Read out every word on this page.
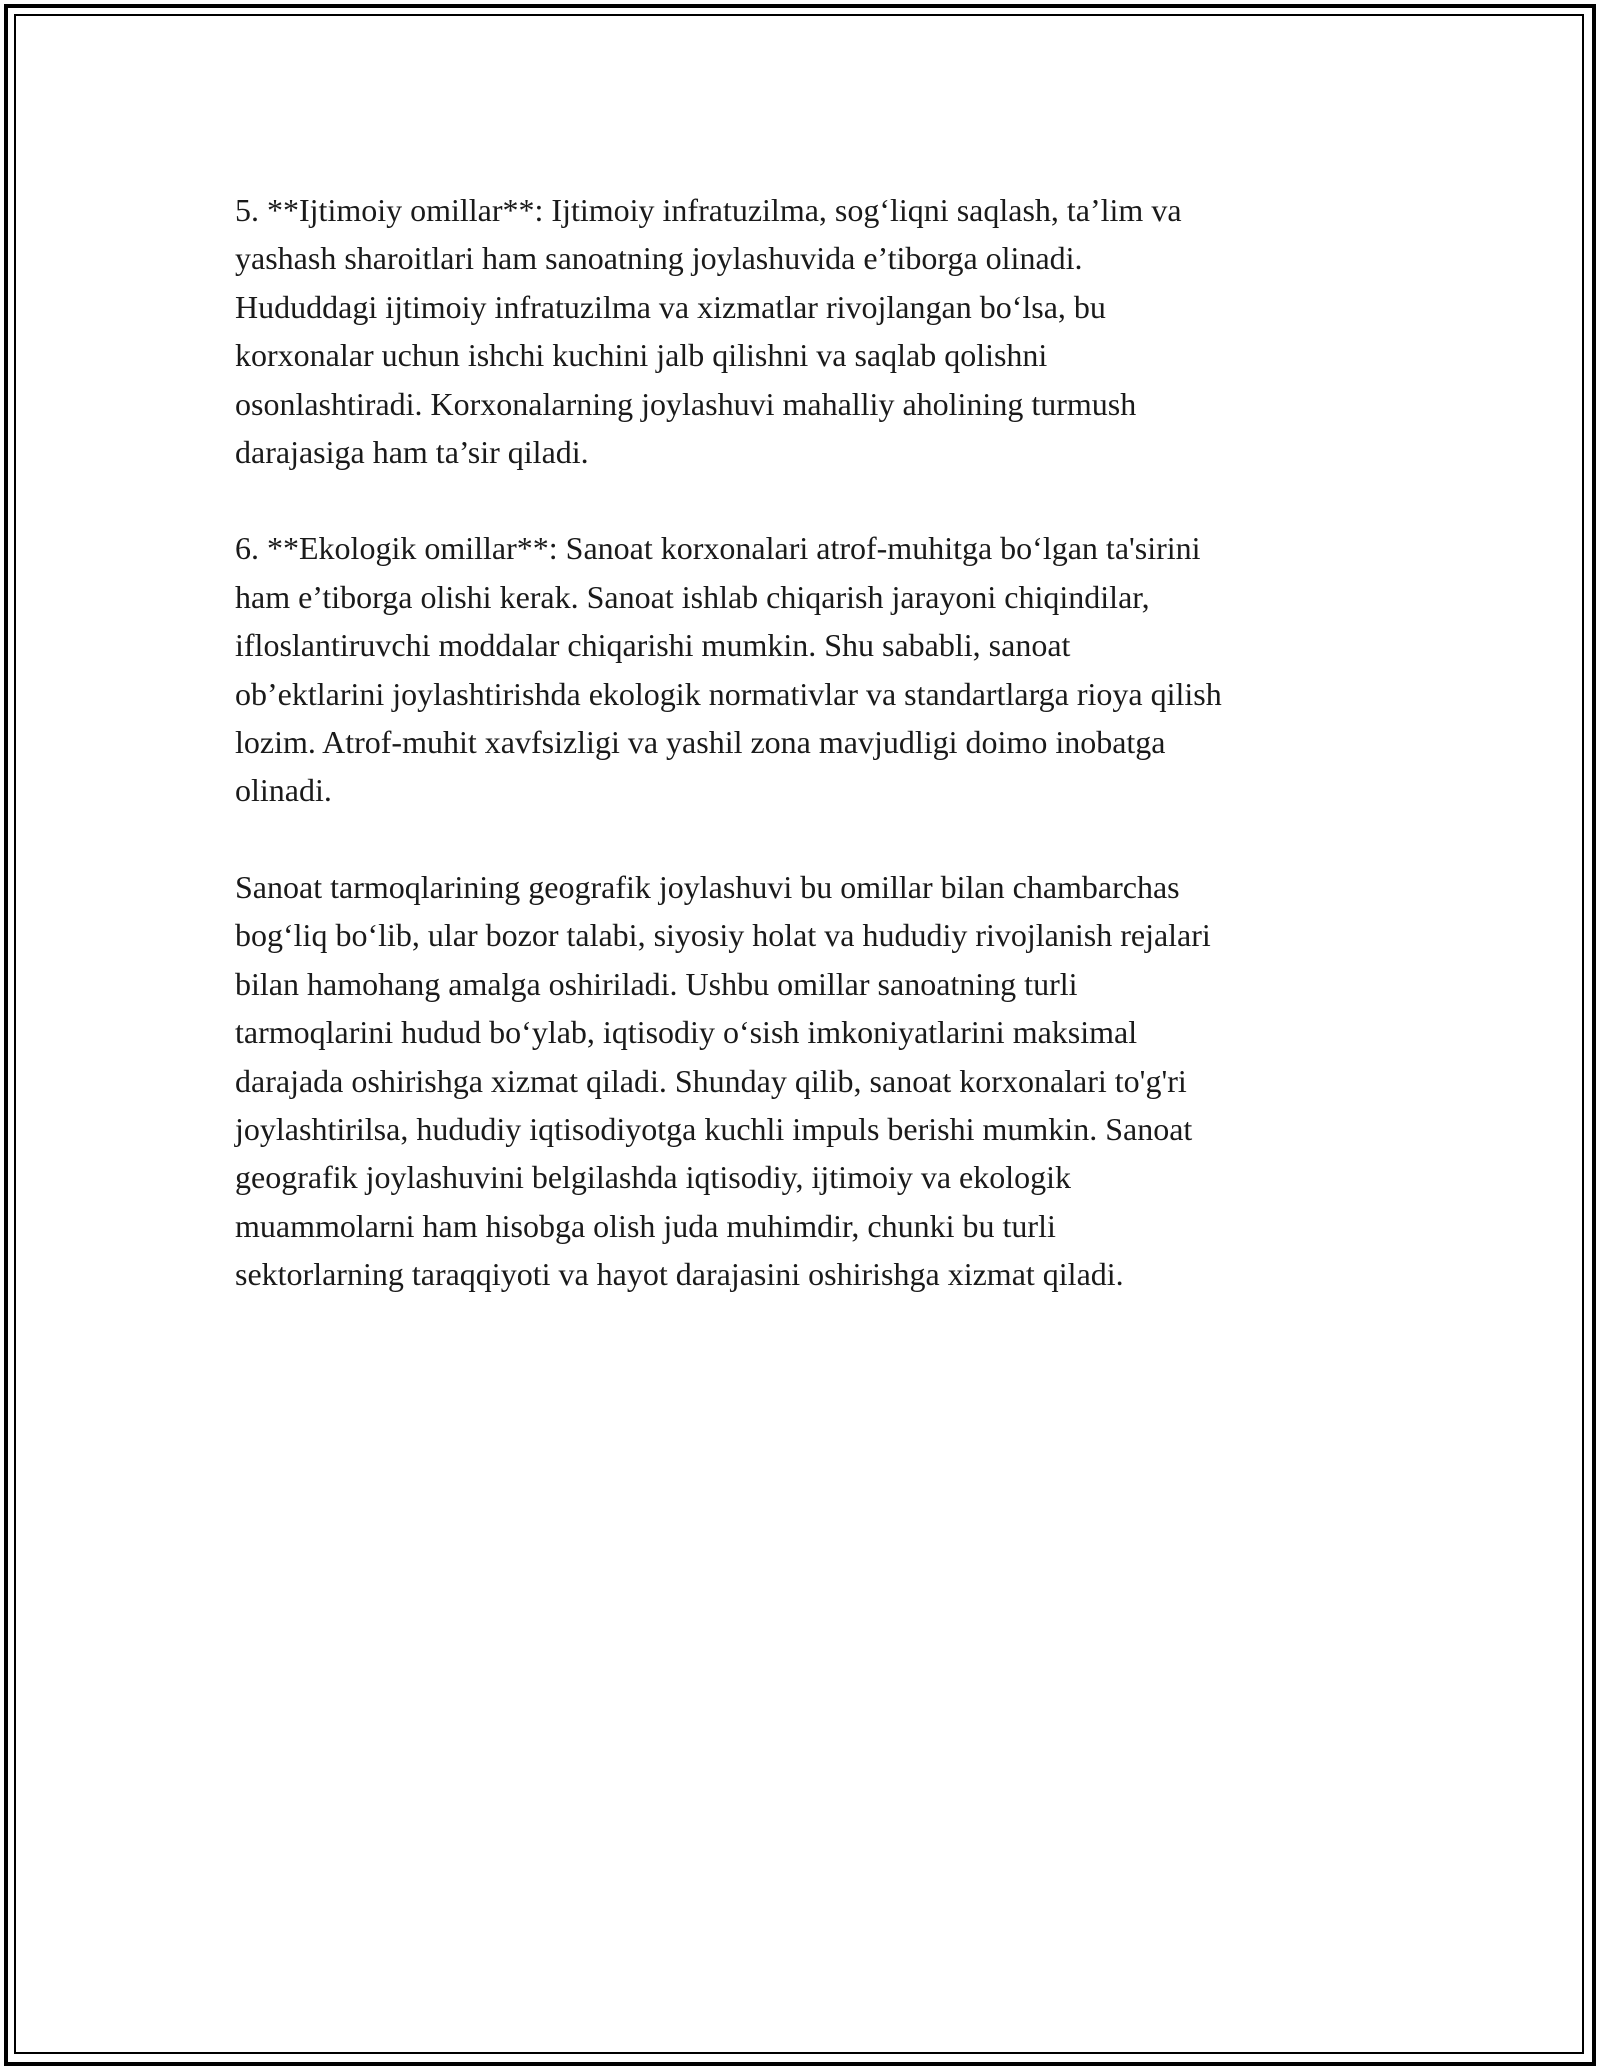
5. **Ijtimoiy omillar**: Ijtimoiy infratuzilma, sog‘liqni saqlash, ta’lim va
yashash sharoitlari ham sanoatning joylashuvida e’tiborga olinadi.
Hududdagi ijtimoiy infratuzilma va xizmatlar rivojlangan bo‘lsa, bu
korxonalar uchun ishchi kuchini jalb qilishni va saqlab qolishni
osonlashtiradi. Korxonalarning joylashuvi mahalliy aholining turmush
darajasiga ham ta’sir qiladi.

6. **Ekologik omillar**: Sanoat korxonalari atrof-muhitga bo‘lgan ta'sirini
ham e’tiborga olishi kerak. Sanoat ishlab chiqarish jarayoni chiqindilar,
ifloslantiruvchi moddalar chiqarishi mumkin. Shu sababli, sanoat
ob’ektlarini joylashtirishda ekologik normativlar va standartlarga rioya qilish
lozim. Atrof-muhit xavfsizligi va yashil zona mavjudligi doimo inobatga
olinadi.

Sanoat tarmoqlarining geografik joylashuvi bu omillar bilan chambarchas
bog‘liq bo‘lib, ular bozor talabi, siyosiy holat va hududiy rivojlanish rejalari
bilan hamohang amalga oshiriladi. Ushbu omillar sanoatning turli
tarmoqlarini hudud bo‘ylab, iqtisodiy o‘sish imkoniyatlarini maksimal
darajada oshirishga xizmat qiladi. Shunday qilib, sanoat korxonalari to'g'ri
joylashtirilsa, hududiy iqtisodiyotga kuchli impuls berishi mumkin. Sanoat
geografik joylashuvini belgilashda iqtisodiy, ijtimoiy va ekologik
muammolarni ham hisobga olish juda muhimdir, chunki bu turli
sektorlarning taraqqiyoti va hayot darajasini oshirishga xizmat qiladi.
